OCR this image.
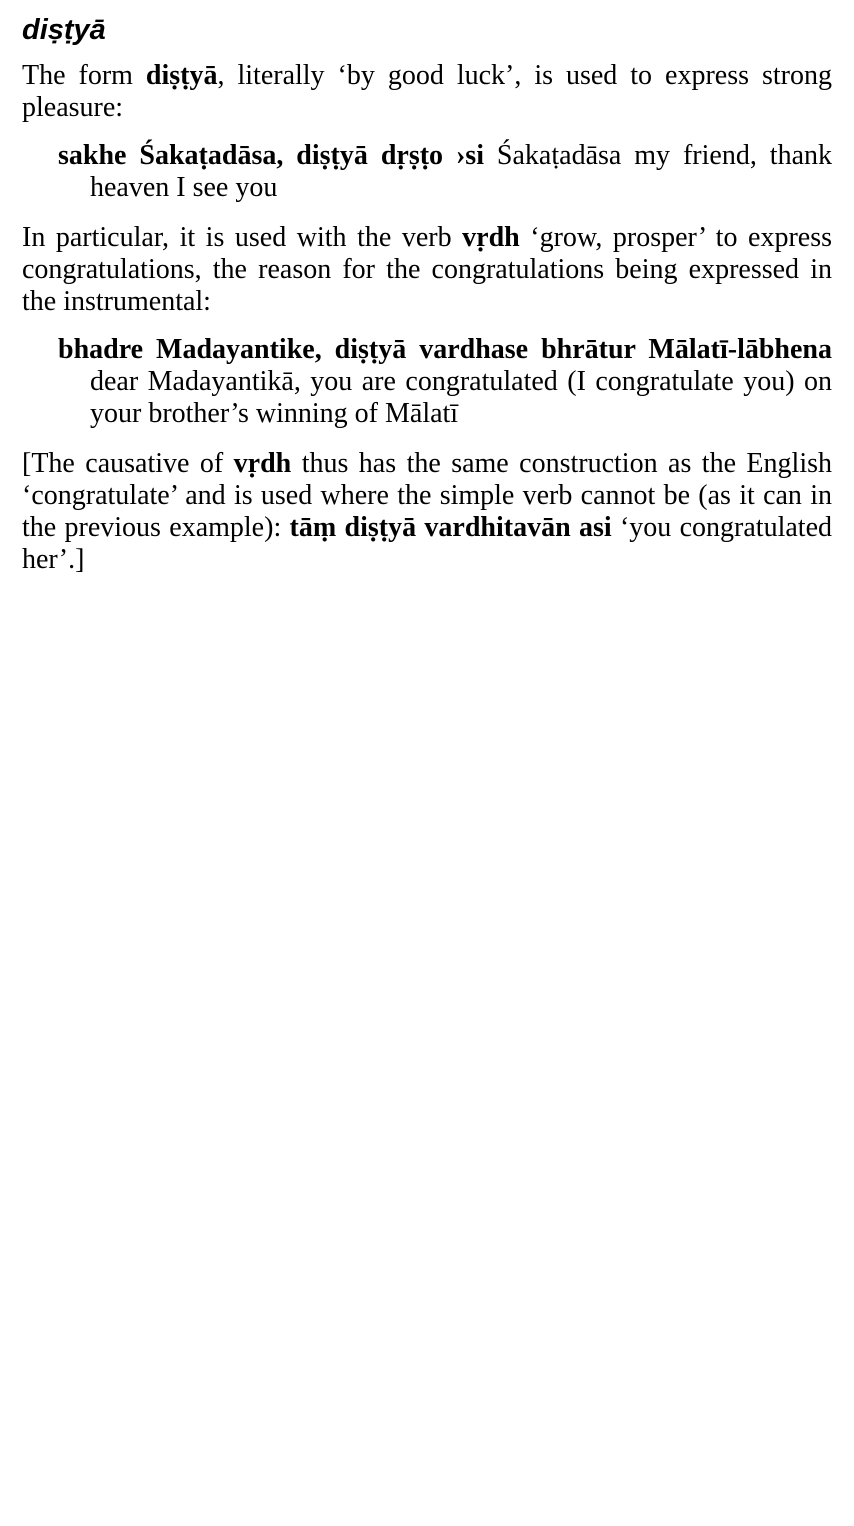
diṣṭyā

The form diṣṭyā, literally ‘by good luck’, is used to express strong pleasure:

sakhe Śakaṭadāsa, diṣṭyā dṛṣṭo ›si Śakaṭadāsa my friend, thank heaven I see you

In particular, it is used with the verb vṛdh ‘grow, prosper’ to express congratulations, the reason for the congratulations being expressed in the instrumental:

bhadre Madayantike, diṣṭyā vardhase bhrātur Mālatī-lābhena dear Madayantikā, you are congratulated (I congratulate you) on your brother’s winning of Mālatī

[The causative of vṛdh thus has the same construction as the English ‘congratulate’ and is used where the simple verb cannot be (as it can in the previous example): tāṃ diṣṭyā vardhitavān asi ‘you congratulated her’.]
